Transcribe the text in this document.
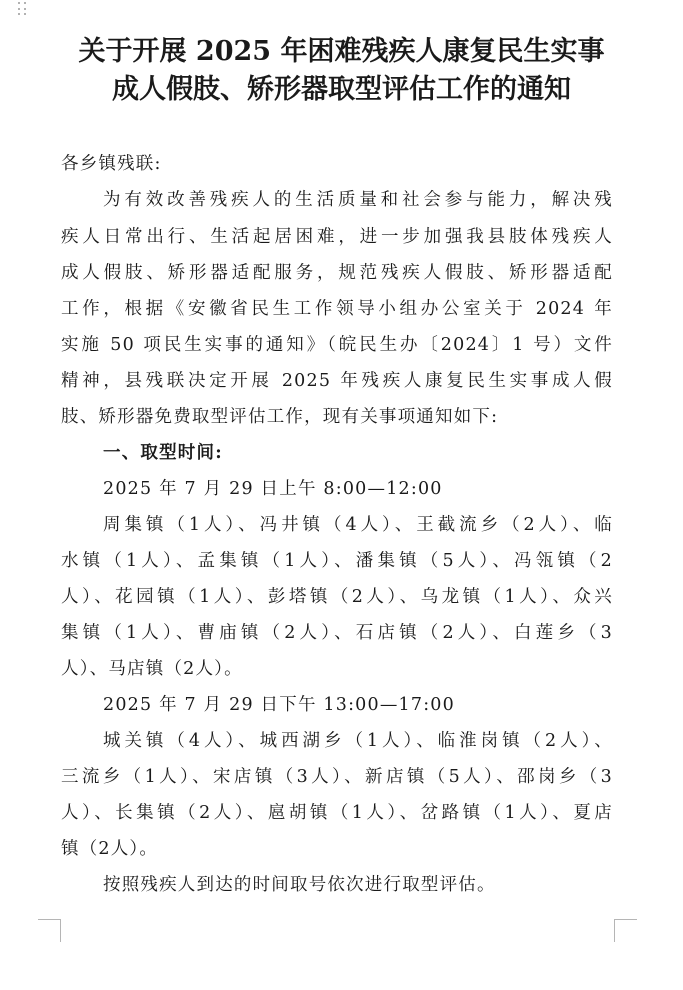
关于开展 2025 年困难残疾人康复民生实事
成人假肢、矫形器取型评估工作的通知
各乡镇残联:
为有效改善残疾人的生活质量和社会参与能力，解决残
疾人日常出行、生活起居困难，进一步加强我县肢体残疾人
成人假肢、矫形器适配服务，规范残疾人假肢、矫形器适配
工作，根据《安徽省民生工作领导小组办公室关于 2024 年
实施 50 项民生实事的通知》（皖民生办〔2024〕1 号）文件
精神，县残联决定开展 2025 年残疾人康复民生实事成人假
肢、矫形器免费取型评估工作，现有关事项通知如下:
一、取型时间:
2025 年 7 月 29 日上午 8:00—12:00
周集镇（1人）、冯井镇（4人）、王截流乡（2人）、临
水镇（1人）、孟集镇（1人）、潘集镇（5人）、冯瓴镇（2
人）、花园镇（1人）、彭塔镇（2人）、乌龙镇（1人）、众兴
集镇（1人）、曹庙镇（2人）、石店镇（2人）、白莲乡（3
人）、马店镇（2人）。
2025 年 7 月 29 日下午 13:00—17:00
城关镇（4人）、城西湖乡（1人）、临淮岗镇（2人）、
三流乡（1人）、宋店镇（3人）、新店镇（5人）、邵岗乡（3
人）、长集镇（2人）、扈胡镇（1人）、岔路镇（1人）、夏店
镇（2人）。
按照残疾人到达的时间取号依次进行取型评估。
